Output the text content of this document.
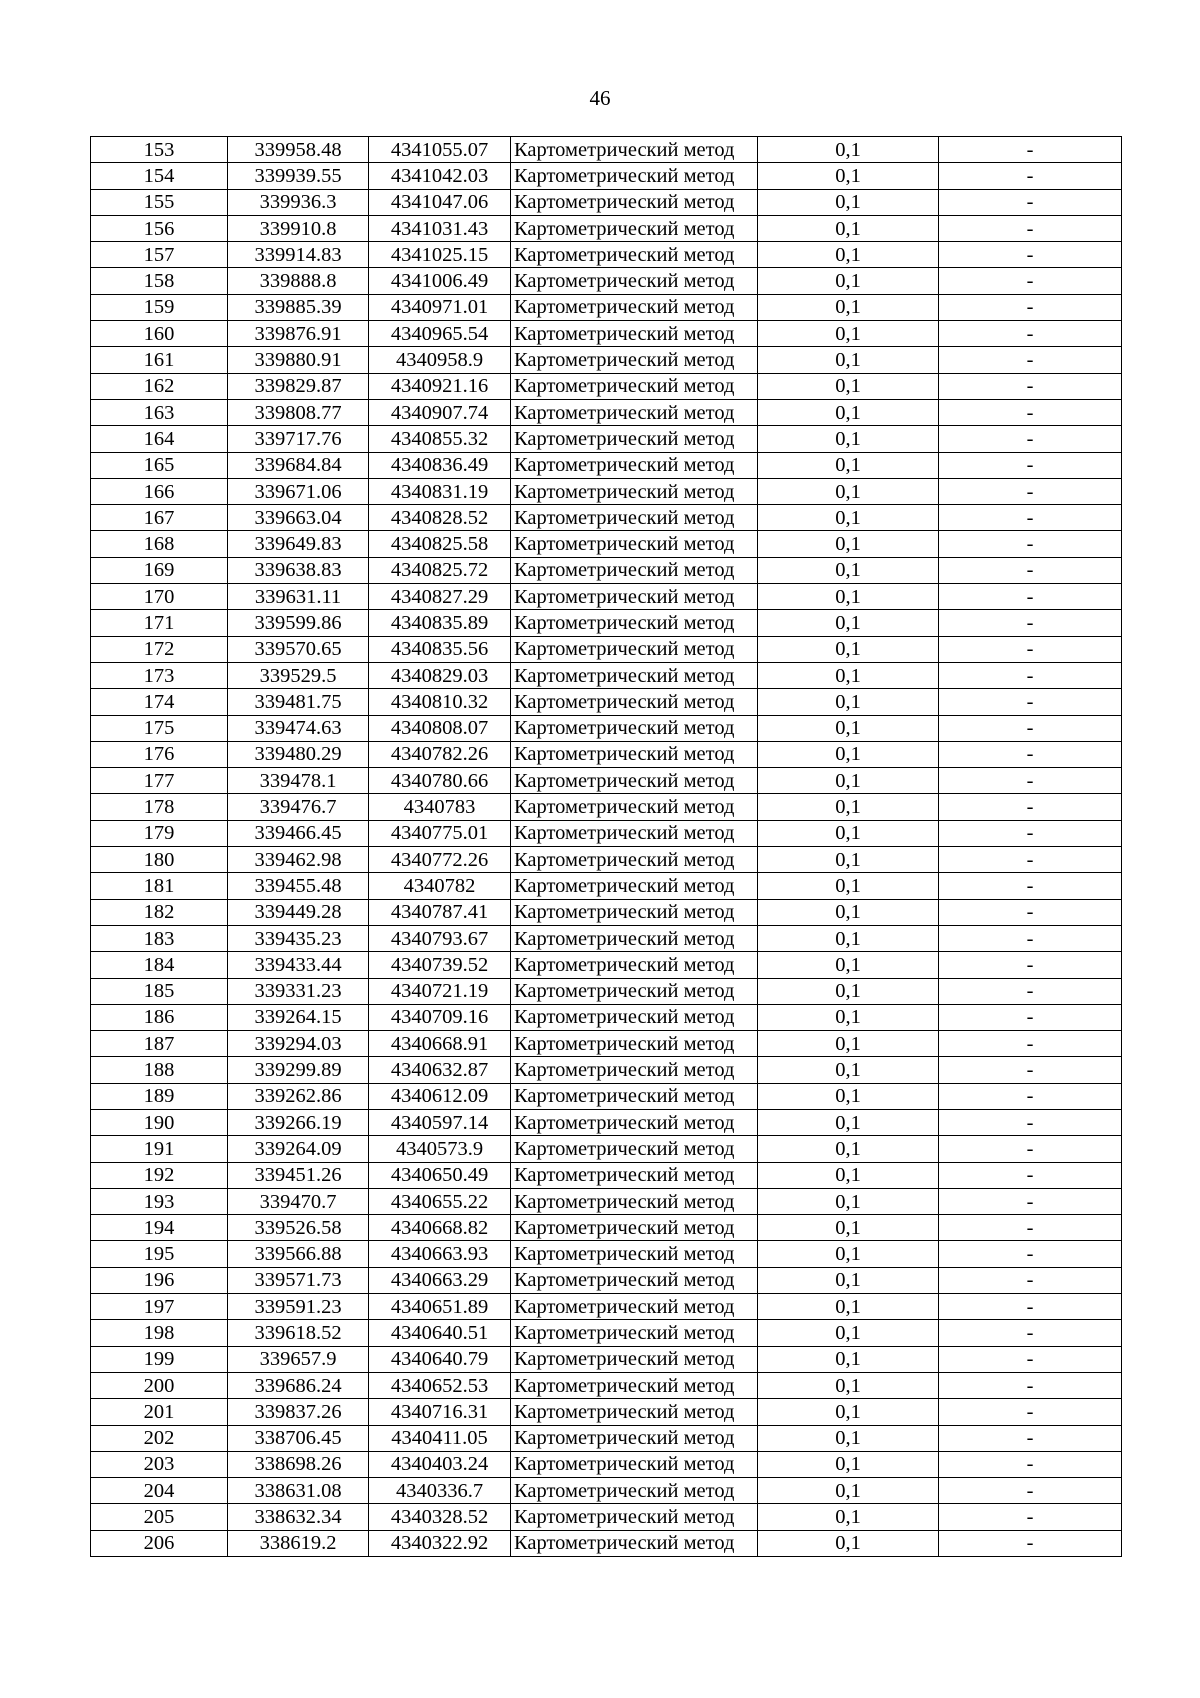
46
153	339958.48	4341055.07	Картометрический метод	0,1	-
154	339939.55	4341042.03	Картометрический метод	0,1	-
155	339936.3	4341047.06	Картометрический метод	0,1	-
156	339910.8	4341031.43	Картометрический метод	0,1	-
157	339914.83	4341025.15	Картометрический метод	0,1	-
158	339888.8	4341006.49	Картометрический метод	0,1	-
159	339885.39	4340971.01	Картометрический метод	0,1	-
160	339876.91	4340965.54	Картометрический метод	0,1	-
161	339880.91	4340958.9	Картометрический метод	0,1	-
162	339829.87	4340921.16	Картометрический метод	0,1	-
163	339808.77	4340907.74	Картометрический метод	0,1	-
164	339717.76	4340855.32	Картометрический метод	0,1	-
165	339684.84	4340836.49	Картометрический метод	0,1	-
166	339671.06	4340831.19	Картометрический метод	0,1	-
167	339663.04	4340828.52	Картометрический метод	0,1	-
168	339649.83	4340825.58	Картометрический метод	0,1	-
169	339638.83	4340825.72	Картометрический метод	0,1	-
170	339631.11	4340827.29	Картометрический метод	0,1	-
171	339599.86	4340835.89	Картометрический метод	0,1	-
172	339570.65	4340835.56	Картометрический метод	0,1	-
173	339529.5	4340829.03	Картометрический метод	0,1	-
174	339481.75	4340810.32	Картометрический метод	0,1	-
175	339474.63	4340808.07	Картометрический метод	0,1	-
176	339480.29	4340782.26	Картометрический метод	0,1	-
177	339478.1	4340780.66	Картометрический метод	0,1	-
178	339476.7	4340783	Картометрический метод	0,1	-
179	339466.45	4340775.01	Картометрический метод	0,1	-
180	339462.98	4340772.26	Картометрический метод	0,1	-
181	339455.48	4340782	Картометрический метод	0,1	-
182	339449.28	4340787.41	Картометрический метод	0,1	-
183	339435.23	4340793.67	Картометрический метод	0,1	-
184	339433.44	4340739.52	Картометрический метод	0,1	-
185	339331.23	4340721.19	Картометрический метод	0,1	-
186	339264.15	4340709.16	Картометрический метод	0,1	-
187	339294.03	4340668.91	Картометрический метод	0,1	-
188	339299.89	4340632.87	Картометрический метод	0,1	-
189	339262.86	4340612.09	Картометрический метод	0,1	-
190	339266.19	4340597.14	Картометрический метод	0,1	-
191	339264.09	4340573.9	Картометрический метод	0,1	-
192	339451.26	4340650.49	Картометрический метод	0,1	-
193	339470.7	4340655.22	Картометрический метод	0,1	-
194	339526.58	4340668.82	Картометрический метод	0,1	-
195	339566.88	4340663.93	Картометрический метод	0,1	-
196	339571.73	4340663.29	Картометрический метод	0,1	-
197	339591.23	4340651.89	Картометрический метод	0,1	-
198	339618.52	4340640.51	Картометрический метод	0,1	-
199	339657.9	4340640.79	Картометрический метод	0,1	-
200	339686.24	4340652.53	Картометрический метод	0,1	-
201	339837.26	4340716.31	Картометрический метод	0,1	-
202	338706.45	4340411.05	Картометрический метод	0,1	-
203	338698.26	4340403.24	Картометрический метод	0,1	-
204	338631.08	4340336.7	Картометрический метод	0,1	-
205	338632.34	4340328.52	Картометрический метод	0,1	-
206	338619.2	4340322.92	Картометрический метод	0,1	-
